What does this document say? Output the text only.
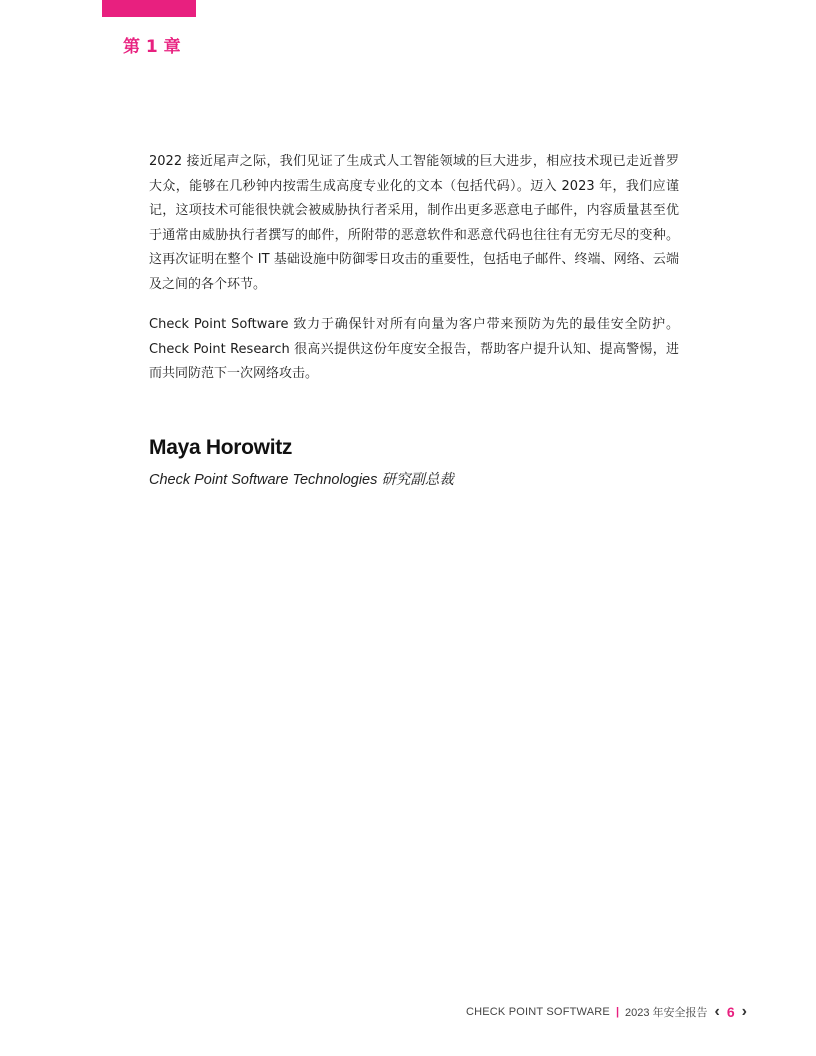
第 1 章

2022 接近尾声之际，我们见证了生成式人工智能领域的巨大进步，相应技术现已走近普罗大众，能够在几秒钟内按需生成高度专业化的文本（包括代码）。迈入 2023 年，我们应谨记，这项技术可能很快就会被威胁执行者采用，制作出更多恶意电子邮件，内容质量甚至优于通常由威胁执行者撰写的邮件，所附带的恶意软件和恶意代码也往往有无穷无尽的变种。这再次证明在整个 IT 基础设施中防御零日攻击的重要性，包括电子邮件、终端、网络、云端及之间的各个环节。

Check Point Software 致力于确保针对所有向量为客户带来预防为先的最佳安全防护。Check Point Research 很高兴提供这份年度安全报告，帮助客户提升认知、提高警惕，进而共同防范下一次网络攻击。

Maya Horowitz
Check Point Software Technologies 研究副总裁
CHECK POINT SOFTWARE | 2023 年安全报告 ‹ 6 ›
